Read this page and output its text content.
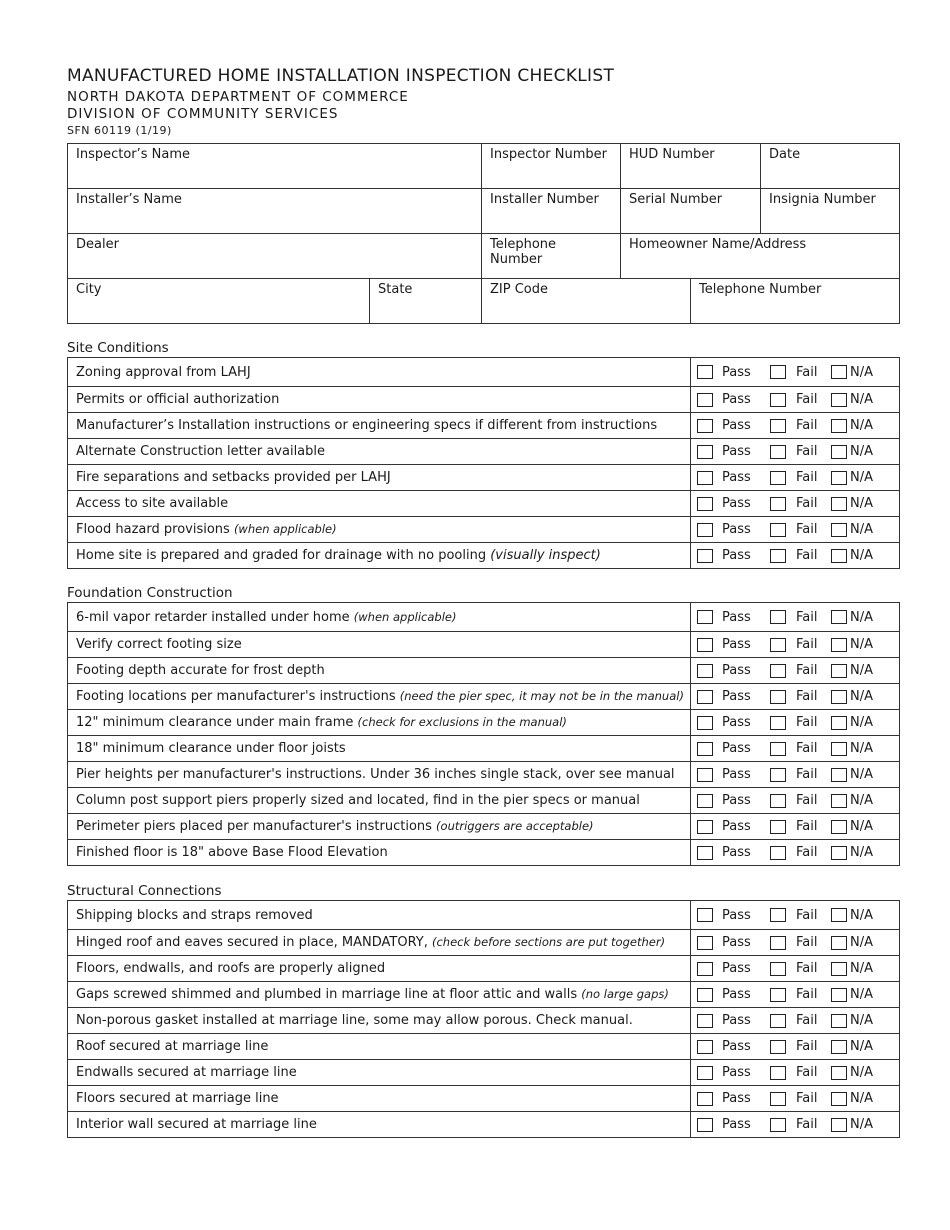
MANUFACTURED HOME INSTALLATION INSPECTION CHECKLIST
NORTH DAKOTA DEPARTMENT OF COMMERCE
DIVISION OF COMMUNITY SERVICES
SFN 60119 (1/19)
Inspector’s Name		Inspector Number	HUD Number		Date
Installer’s Name		Installer Number	Serial Number		Insignia Number
Dealer		Telephone Number	Homeowner Name/Address		
City	State	ZIP Code		Telephone Number	
Site Conditions
Zoning approval from LAHJ	Pass Fail N/A

Permits or official authorization	Pass Fail N/A

Manufacturer’s Installation instructions or engineering specs if different from instructions	Pass Fail N/A

Alternate Construction letter available	Pass Fail N/A

Fire separations and setbacks provided per LAHJ	Pass Fail N/A

Access to site available	Pass Fail N/A

Flood hazard provisions (when applicable)	Pass Fail N/A

Home site is prepared and graded for drainage with no pooling (visually inspect)	Pass Fail N/A
Foundation Construction
6-mil vapor retarder installed under home (when applicable)	Pass Fail N/A

Verify correct footing size	Pass Fail N/A

Footing depth accurate for frost depth	Pass Fail N/A

Footing locations per manufacturer's instructions (need the pier spec, it may not be in the manual)	Pass Fail N/A

12" minimum clearance under main frame (check for exclusions in the manual)	Pass Fail N/A

18" minimum clearance under floor joists	Pass Fail N/A

Pier heights per manufacturer's instructions. Under 36 inches single stack, over see manual	Pass Fail N/A

Column post support piers properly sized and located, find in the pier specs or manual	Pass Fail N/A

Perimeter piers placed per manufacturer's instructions (outriggers are acceptable)	Pass Fail N/A

Finished floor is 18" above Base Flood Elevation	Pass Fail N/A
Structural Connections
Shipping blocks and straps removed	Pass Fail N/A

Hinged roof and eaves secured in place, MANDATORY, (check before sections are put together)	Pass Fail N/A

Floors, endwalls, and roofs are properly aligned	Pass Fail N/A

Gaps screwed shimmed and plumbed in marriage line at floor attic and walls (no large gaps)	Pass Fail N/A

Non-porous gasket installed at marriage line, some may allow porous. Check manual.	Pass Fail N/A

Roof secured at marriage line	Pass Fail N/A

Endwalls secured at marriage line	Pass Fail N/A

Floors secured at marriage line	Pass Fail N/A

Interior wall secured at marriage line	Pass Fail N/A
